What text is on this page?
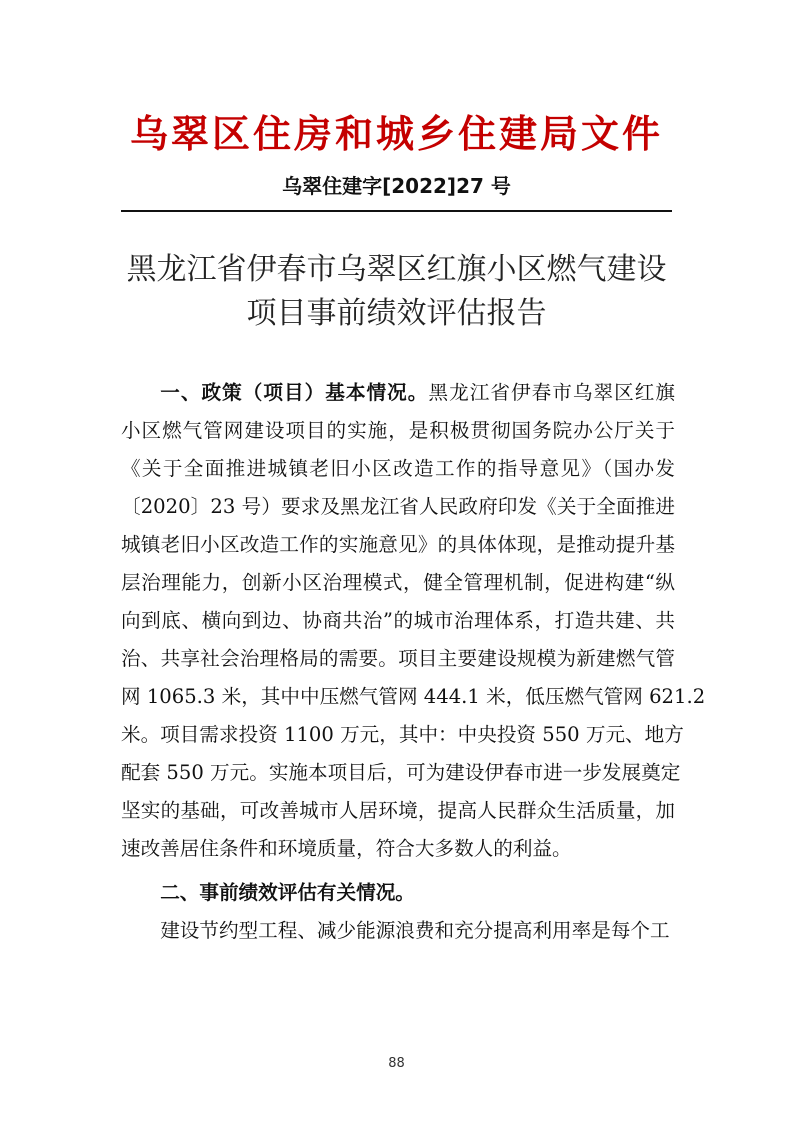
乌翠区住房和城乡住建局文件
乌翠住建字[2022]27 号
黑龙江省伊春市乌翠区红旗小区燃气建设
项目事前绩效评估报告

一、政策（项目）基本情况。黑龙江省伊春市乌翠区红旗
小区燃气管网建设项目的实施，是积极贯彻国务院办公厅关于
《关于全面推进城镇老旧小区改造工作的指导意见》（国办发
〔2020〕23 号）要求及黑龙江省人民政府印发《关于全面推进
城镇老旧小区改造工作的实施意见》的具体体现，是推动提升基
层治理能力，创新小区治理模式，健全管理机制，促进构建“纵
向到底、横向到边、协商共治”的城市治理体系，打造共建、共
治、共享社会治理格局的需要。项目主要建设规模为新建燃气管
网 1065.3 米，其中中压燃气管网 444.1 米，低压燃气管网 621.2
米。项目需求投资 1100 万元，其中：中央投资 550 万元、地方
配套 550 万元。实施本项目后，可为建设伊春市进一步发展奠定
坚实的基础，可改善城市人居环境，提高人民群众生活质量，加
速改善居住条件和环境质量，符合大多数人的利益。

二、事前绩效评估有关情况。

建设节约型工程、减少能源浪费和充分提高利用率是每个工

88
